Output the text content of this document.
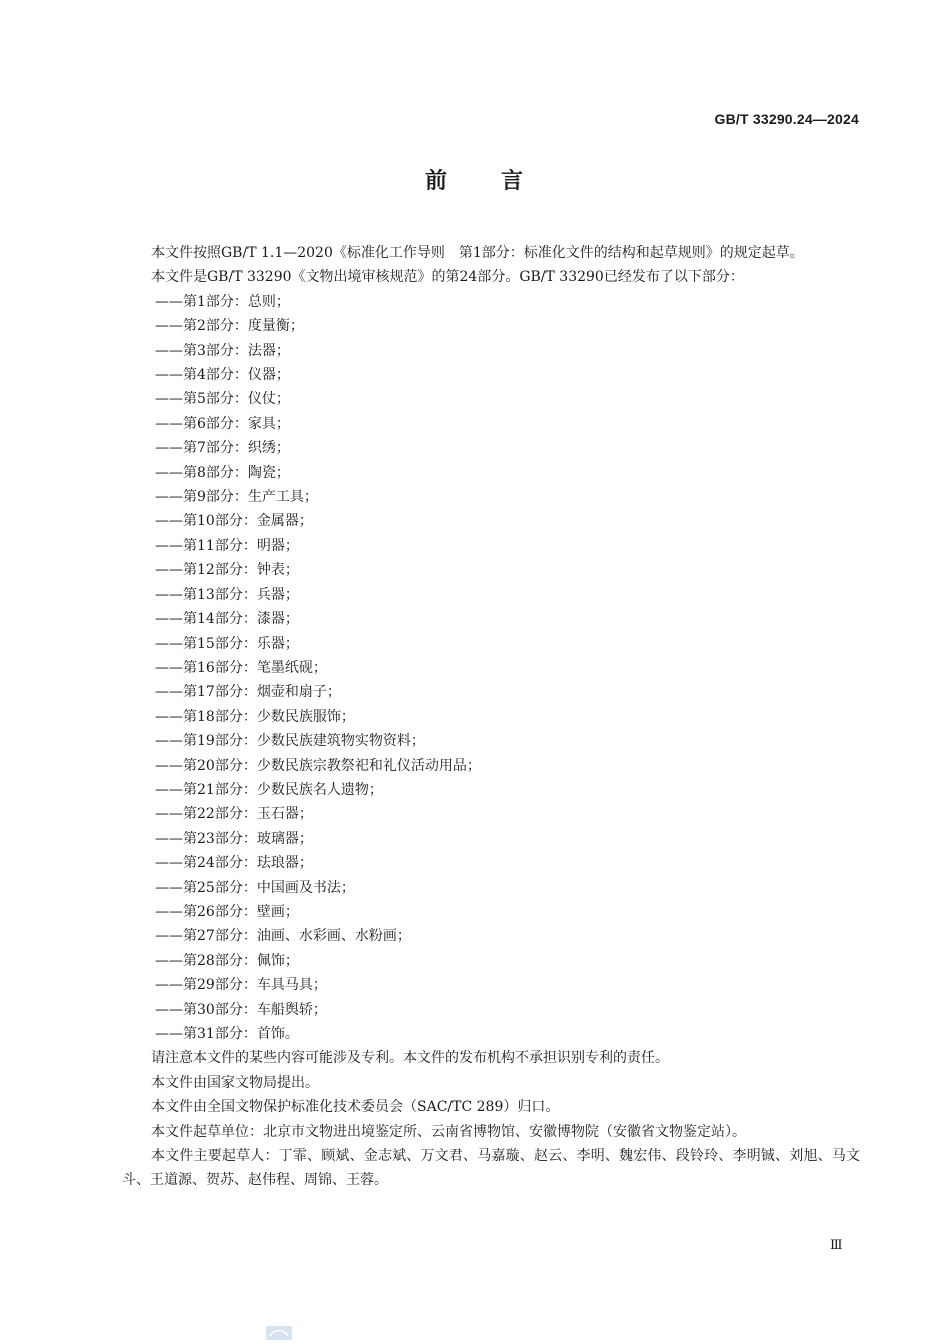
GB/T 33290.24—2024
前 言

本文件按照GB/T 1.1—2020《标准化工作导则　第1部分：标准化文件的结构和起草规则》的规定起草。

本文件是GB/T 33290《文物出境审核规范》的第24部分。GB/T 33290已经发布了以下部分：

——第1部分：总则；
——第2部分：度量衡；
——第3部分：法器；
——第4部分：仪器；
——第5部分：仪仗；
——第6部分：家具；
——第7部分：织绣；
——第8部分：陶瓷；
——第9部分：生产工具；
——第10部分：金属器；
——第11部分：明器；
——第12部分：钟表；
——第13部分：兵器；
——第14部分：漆器；
——第15部分：乐器；
——第16部分：笔墨纸砚；
——第17部分：烟壶和扇子；
——第18部分：少数民族服饰；
——第19部分：少数民族建筑物实物资料；
——第20部分：少数民族宗教祭祀和礼仪活动用品；
——第21部分：少数民族名人遗物；
——第22部分：玉石器；
——第23部分：玻璃器；
——第24部分：珐琅器；
——第25部分：中国画及书法；
——第26部分：壁画；
——第27部分：油画、水彩画、水粉画；
——第28部分：佩饰；
——第29部分：车具马具；
——第30部分：车船舆轿；
——第31部分：首饰。

请注意本文件的某些内容可能涉及专利。本文件的发布机构不承担识别专利的责任。

本文件由国家文物局提出。

本文件由全国文物保护标准化技术委员会（SAC/TC 289）归口。

本文件起草单位：北京市文物进出境鉴定所、云南省博物馆、安徽博物院（安徽省文物鉴定站）。

本文件主要起草人：丁霏、顾斌、金志斌、万文君、马嘉璇、赵云、李明、魏宏伟、段铃玲、李明铖、刘旭、马文斗、王道源、贺苏、赵伟程、周锦、王蓉。

Ⅲ
